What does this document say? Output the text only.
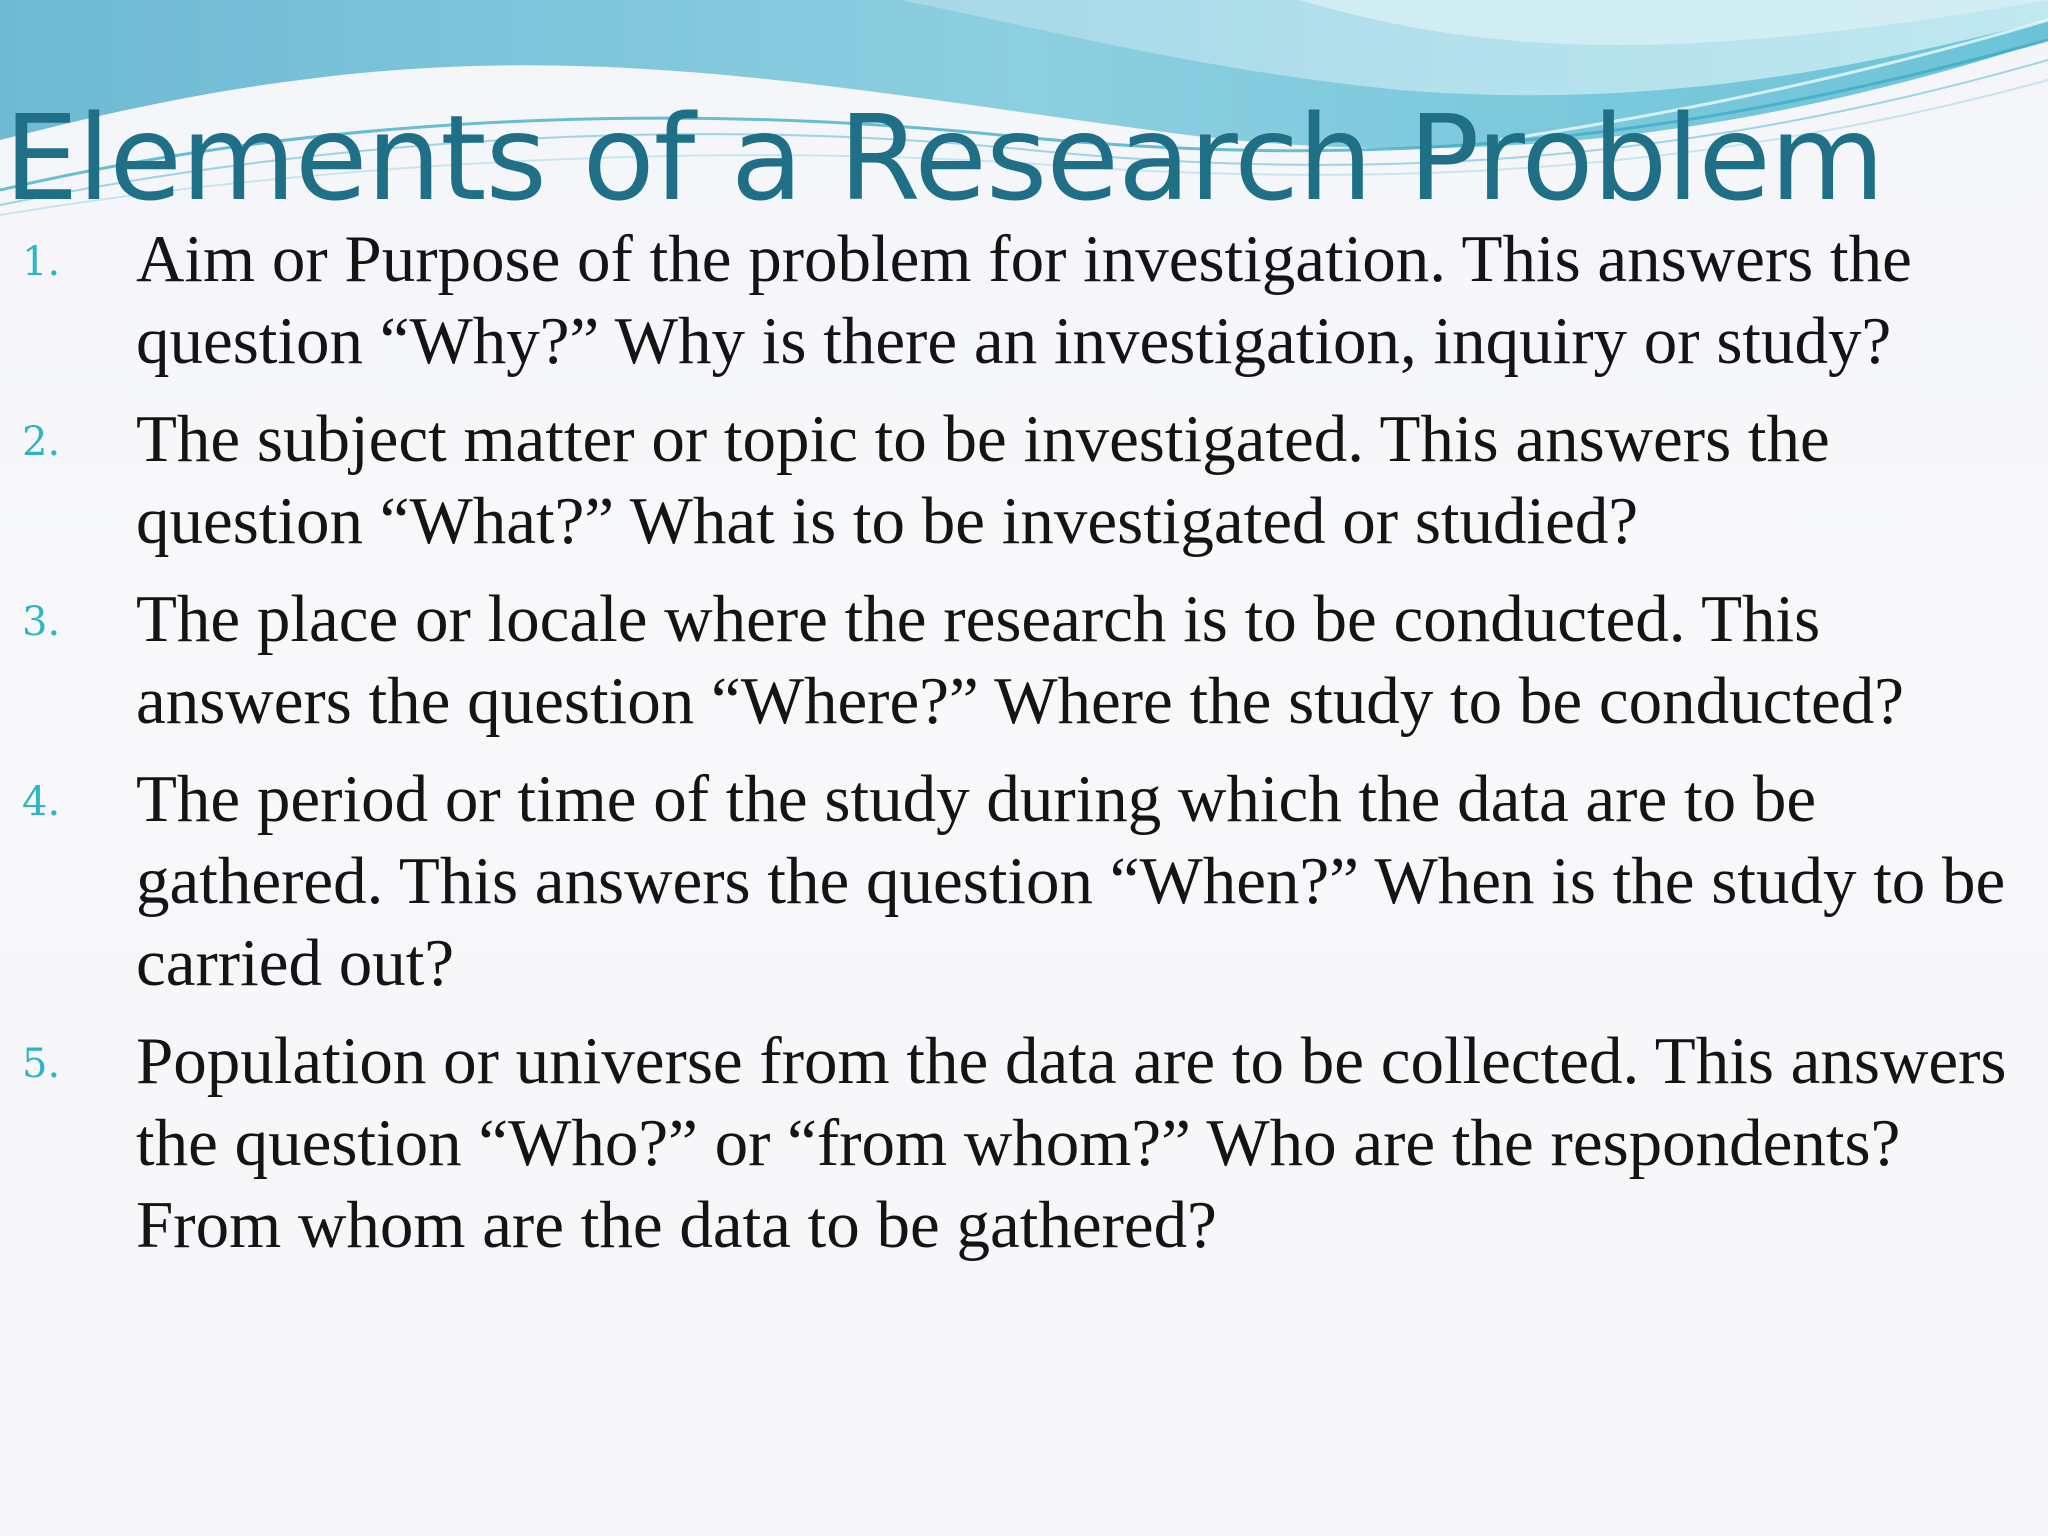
Elements of a Research Problem
1. Aim or Purpose of the problem for investigation. This answers the question “Why?” Why is there an investigation, inquiry or study?
2. The subject matter or topic to be investigated. This answers the question “What?” What is to be investigated or studied?
3. The place or locale where the research is to be conducted. This answers the question “Where?” Where the study to be conducted?
4. The period or time of the study during which the data are to be gathered. This answers the question “When?” When is the study to be carried out?
5. Population or universe from the data are to be collected. This answers the question “Who?” or “from whom?” Who are the respondents? From whom are the data to be gathered?
